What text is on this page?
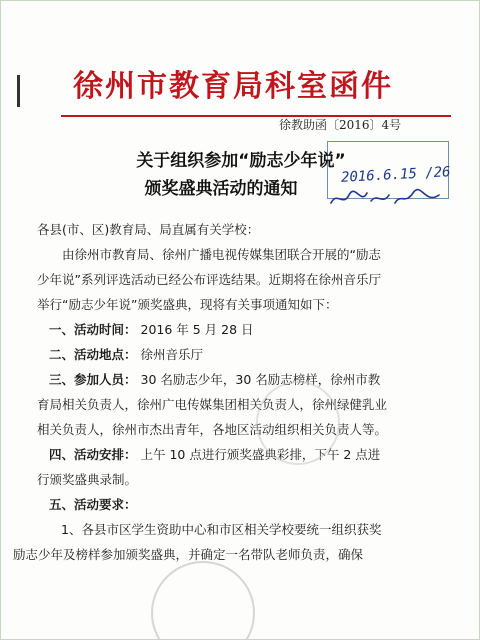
徐州市教育局科室函件
徐教助函〔2016〕4号
2016.6.15 /26
关于组织参加“励志少年说”
颁奖盛典活动的通知
各县(市、区)教育局、局直属有关学校：
由徐州市教育局、徐州广播电视传媒集团联合开展的“励志
少年说”系列评选活动已经公布评选结果。近期将在徐州音乐厅
举行“励志少年说”颁奖盛典，现将有关事项通知如下：
一、活动时间： 2016 年 5 月 28 日
二、活动地点： 徐州音乐厅
三、参加人员： 30 名励志少年，30 名励志榜样，徐州市教
育局相关负责人，徐州广电传媒集团相关负责人，徐州绿健乳业
相关负责人，徐州市杰出青年，各地区活动组织相关负责人等。
四、活动安排： 上午 10 点进行颁奖盛典彩排，下午 2 点进
行颁奖盛典录制。
五、活动要求：
1、各县市区学生资助中心和市区相关学校要统一组织获奖
励志少年及榜样参加颁奖盛典，并确定一名带队老师负责，确保
